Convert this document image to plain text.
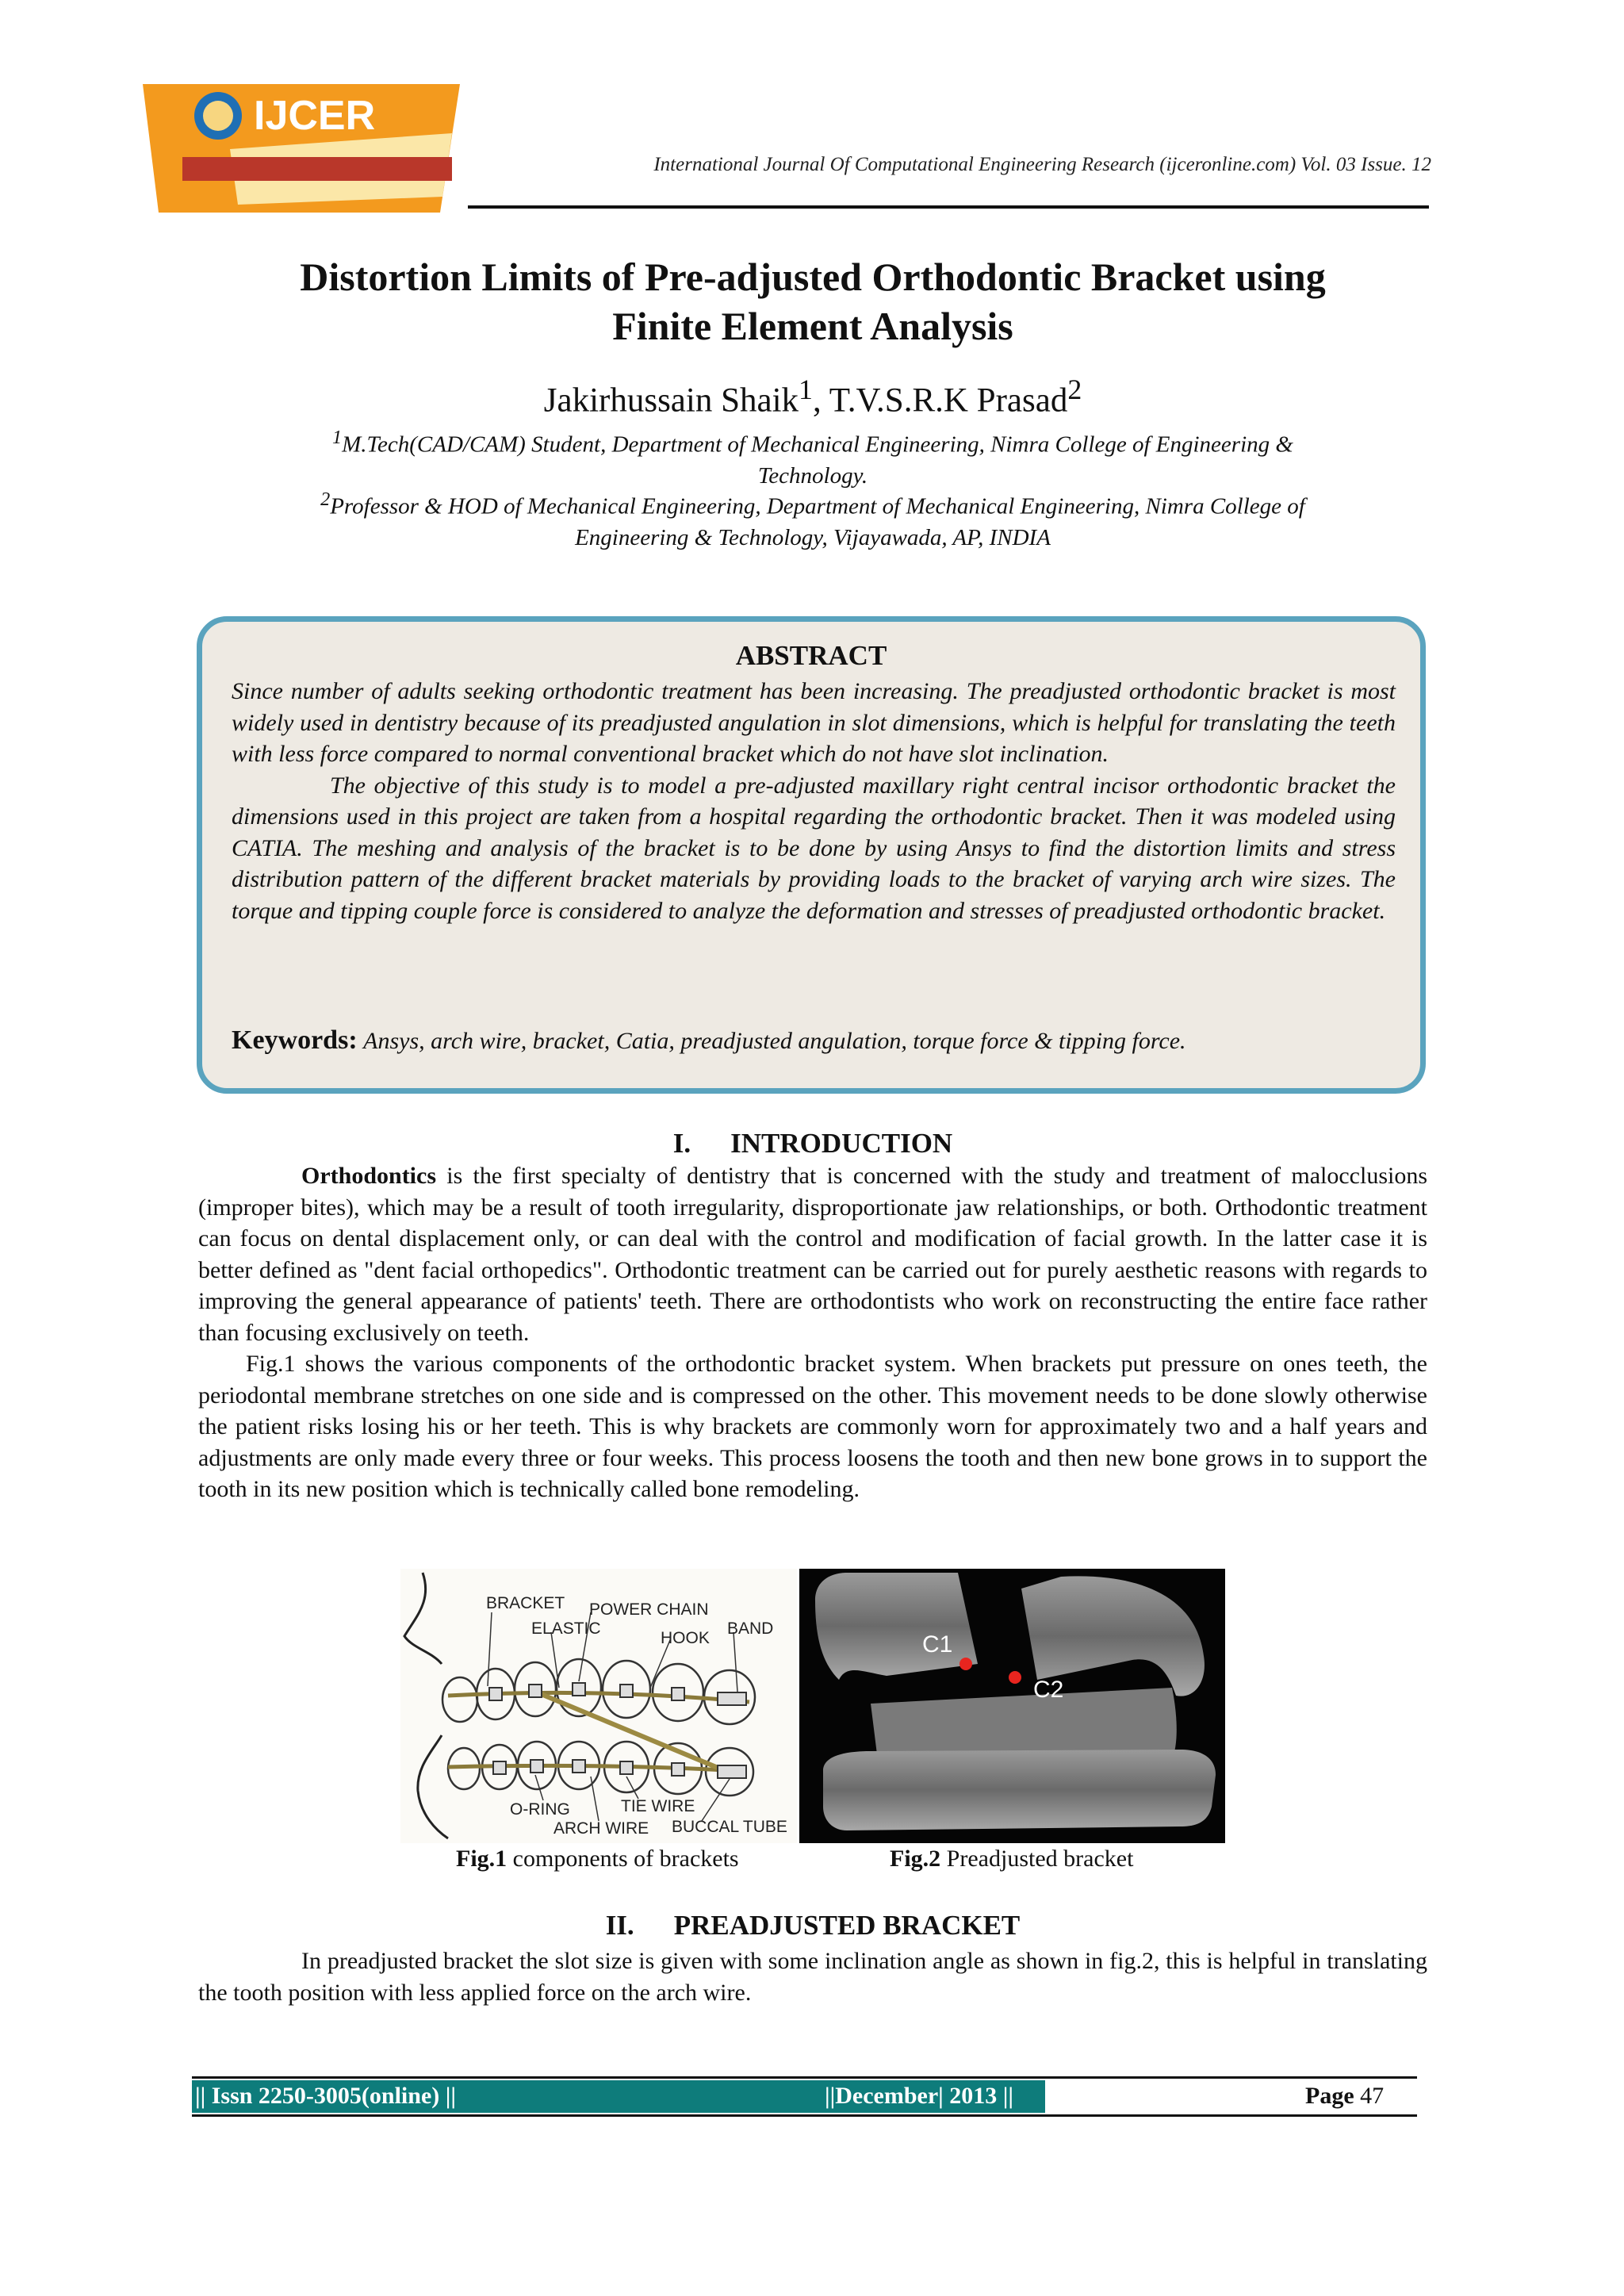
IJCER
International Journal Of Computational Engineering Research (ijceronline.com) Vol. 03 Issue. 12
Distortion Limits of Pre-adjusted Orthodontic Bracket using
Finite Element Analysis
Jakirhussain Shaik$^1$, T.V.S.R.K Prasad$^2$
$^1$M.Tech(CAD/CAM) Student, Department of Mechanical Engineering, Nimra College of Engineering &
Technology.
$^2$Professor & HOD of Mechanical Engineering, Department of Mechanical Engineering, Nimra College of
Engineering & Technology, Vijayawada, AP, INDIA
ABSTRACT

Since number of adults seeking orthodontic treatment has been increasing. The preadjusted orthodontic bracket is most widely used in dentistry because of its preadjusted angulation in slot dimensions, which is helpful for translating the teeth with less force compared to normal conventional bracket which do not have slot inclination.

The objective of this study is to model a pre-adjusted maxillary right central incisor orthodontic bracket the dimensions used in this project are taken from a hospital regarding the orthodontic bracket. Then it was modeled using CATIA. The meshing and analysis of the bracket is to be done by using Ansys to find the distortion limits and stress distribution pattern of the different bracket materials by providing loads to the bracket of varying arch wire sizes. The torque and tipping couple force is considered to analyze the deformation and stresses of preadjusted orthodontic bracket.

Keywords: Ansys, arch wire, bracket, Catia, preadjusted angulation, torque force & tipping force.
I. INTRODUCTION

Orthodontics is the first specialty of dentistry that is concerned with the study and treatment of malocclusions (improper bites), which may be a result of tooth irregularity, disproportionate jaw relationships, or both. Orthodontic treatment can focus on dental displacement only, or can deal with the control and modification of facial growth. In the latter case it is better defined as "dent facial orthopedics". Orthodontic treatment can be carried out for purely aesthetic reasons with regards to improving the general appearance of patients' teeth. There are orthodontists who work on reconstructing the entire face rather than focusing exclusively on teeth.

Fig.1 shows the various components of the orthodontic bracket system. When brackets put pressure on ones teeth, the periodontal membrane stretches on one side and is compressed on the other. This movement needs to be done slowly otherwise the patient risks losing his or her teeth. This is why brackets are commonly worn for approximately two and a half years and adjustments are only made every three or four weeks. This process loosens the tooth and then new bone grows in to support the tooth in its new position which is technically called bone remodeling.

BRACKET POWER CHAIN
ELASTIC
HOOK
BAND
O-RING	TIE WIRE
ARCH WIRE BUCCAL TUBE
C1
C2
Fig.1 components of brackets	Fig.2 Preadjusted bracket
II. PREADJUSTED BRACKET

In preadjusted bracket the slot size is given with some inclination angle as shown in fig.2, this is helpful in translating the tooth position with less applied force on the arch wire.

|| Issn 2250-3005(online) ||	||December| 2013 ||	Page 47
